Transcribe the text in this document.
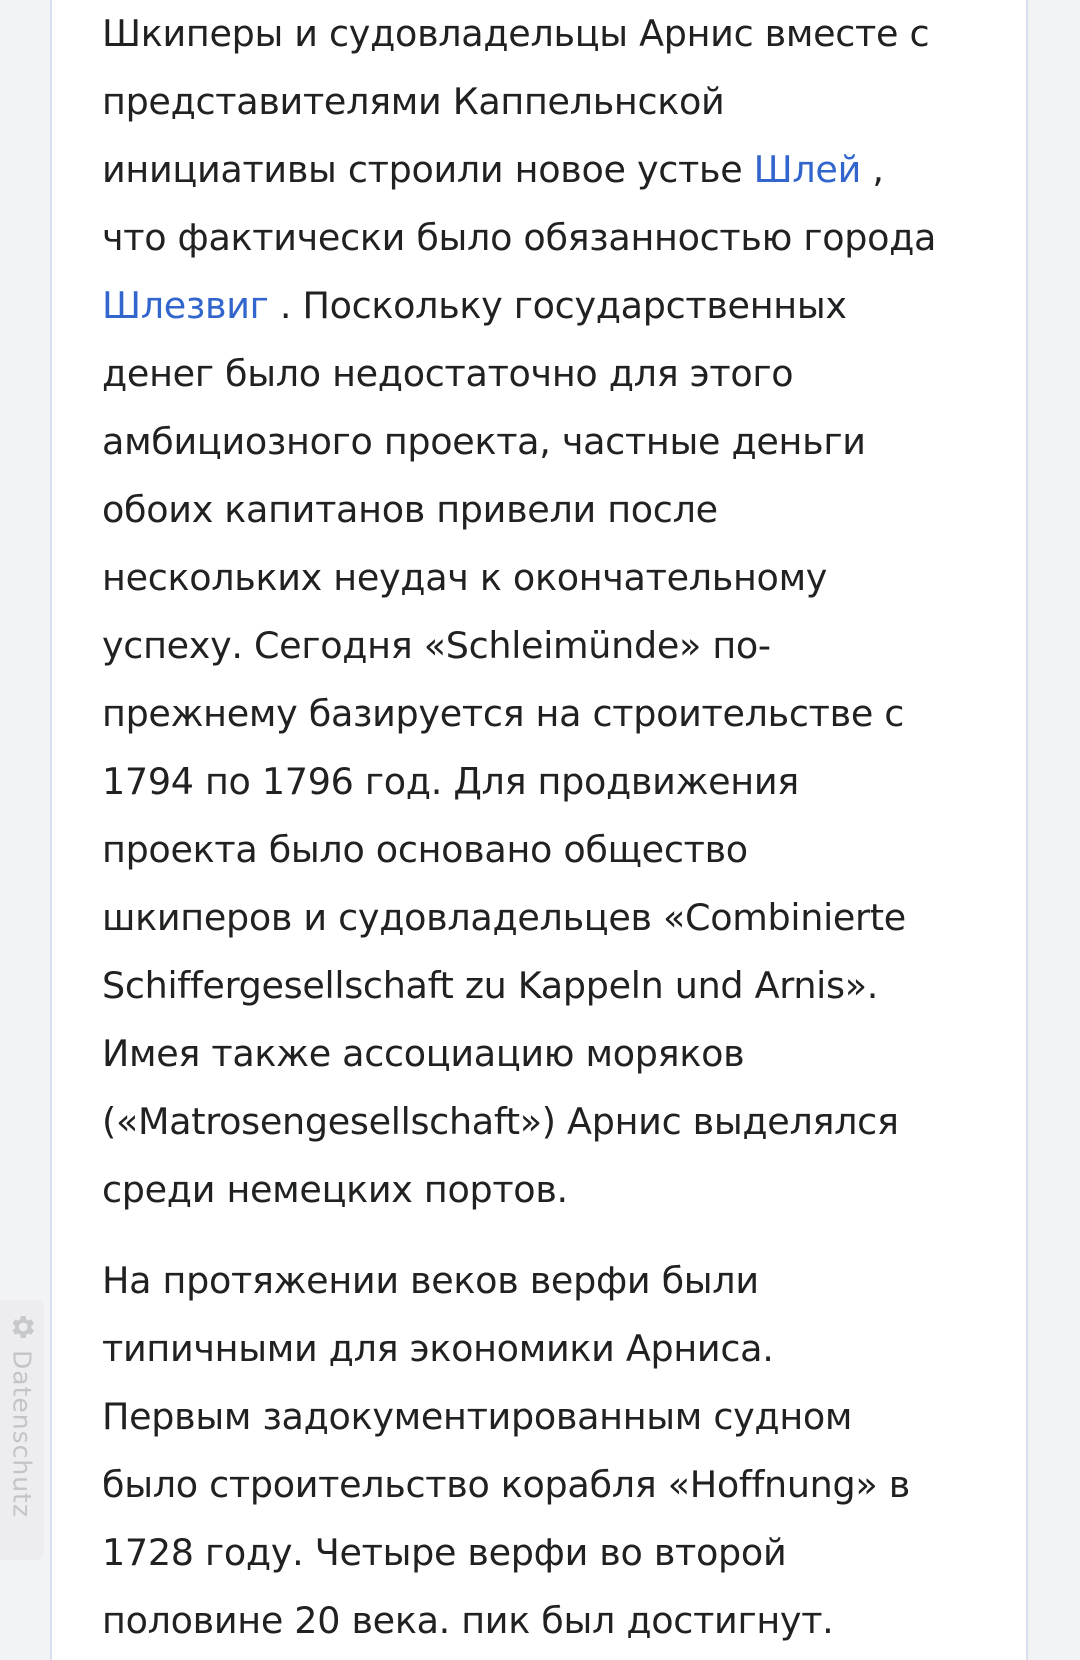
Шкиперы и судовладельцы Арнис вместе с
представителями Каппельнской
инициативы строили новое устье Шлей ,
что фактически было обязанностью города
Шлезвиг . Поскольку государственных
денег было недостаточно для этого
амбициозного проекта, частные деньги
обоих капитанов привели после
нескольких неудач к окончательному
успеху. Сегодня «Schleimünde» по-
прежнему базируется на строительстве с
1794 по 1796 год. Для продвижения
проекта было основано общество
шкиперов и судовладельцев «Combinierte
Schiffergesellschaft zu Kappeln und Arnis».
Имея также ассоциацию моряков
(«Matrosengesellschaft») Арнис выделялся
среди немецких портов.

На протяжении веков верфи были
типичными для экономики Арниса.
Первым задокументированным судном
было строительство корабля «Hoffnung» в
1728 году. Четыре верфи во второй
половине 20 века. пик был достигнут.

Datenschutz
